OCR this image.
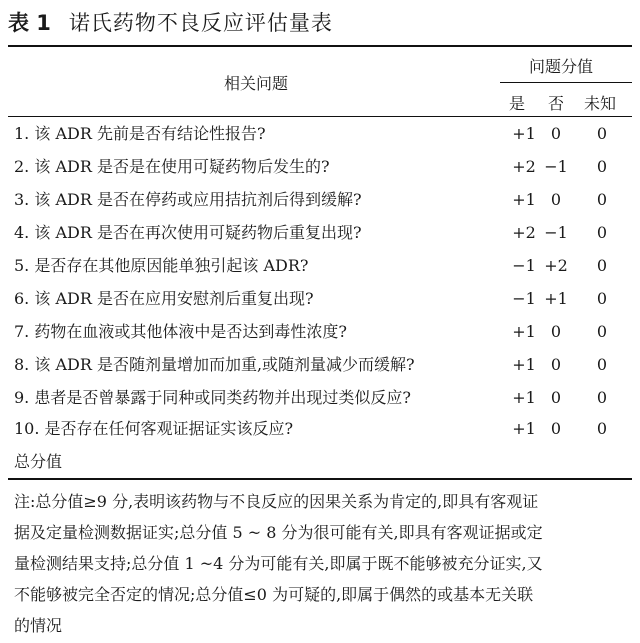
表 1 诺氏药物不良反应评估量表
相关问题
问题分值
是 否 未知
1. 该 ADR 先前是否有结论性报告?	+1 0	0
2. 该 ADR 是否是在使用可疑药物后发生的?	+2 −1	0
3. 该 ADR 是否在停药或应用拮抗剂后得到缓解?	+1 0	0
4. 该 ADR 是否在再次使用可疑药物后重复出现?	+2 −1	0
5. 是否存在其他原因能单独引起该 ADR?	−1 +2	0
6. 该 ADR 是否在应用安慰剂后重复出现?	−1 +1	0
7. 药物在血液或其他体液中是否达到毒性浓度?	+1 0	0
8. 该 ADR 是否随剂量增加而加重,或随剂量减少而缓解?	+1 0	0
9. 患者是否曾暴露于同种或同类药物并出现过类似反应?	+1 0	0
10. 是否存在任何客观证据证实该反应?	+1 0	0
总分值
注:总分值≥9 分,表明该药物与不良反应的因果关系为肯定的,即具有客观证
据及定量检测数据证实;总分值 5 ~ 8 分为很可能有关,即具有客观证据或定
量检测结果支持;总分值 1 ~4 分为可能有关,即属于既不能够被充分证实,又
不能够被完全否定的情况;总分值≤0 为可疑的,即属于偶然的或基本无关联
的情况
